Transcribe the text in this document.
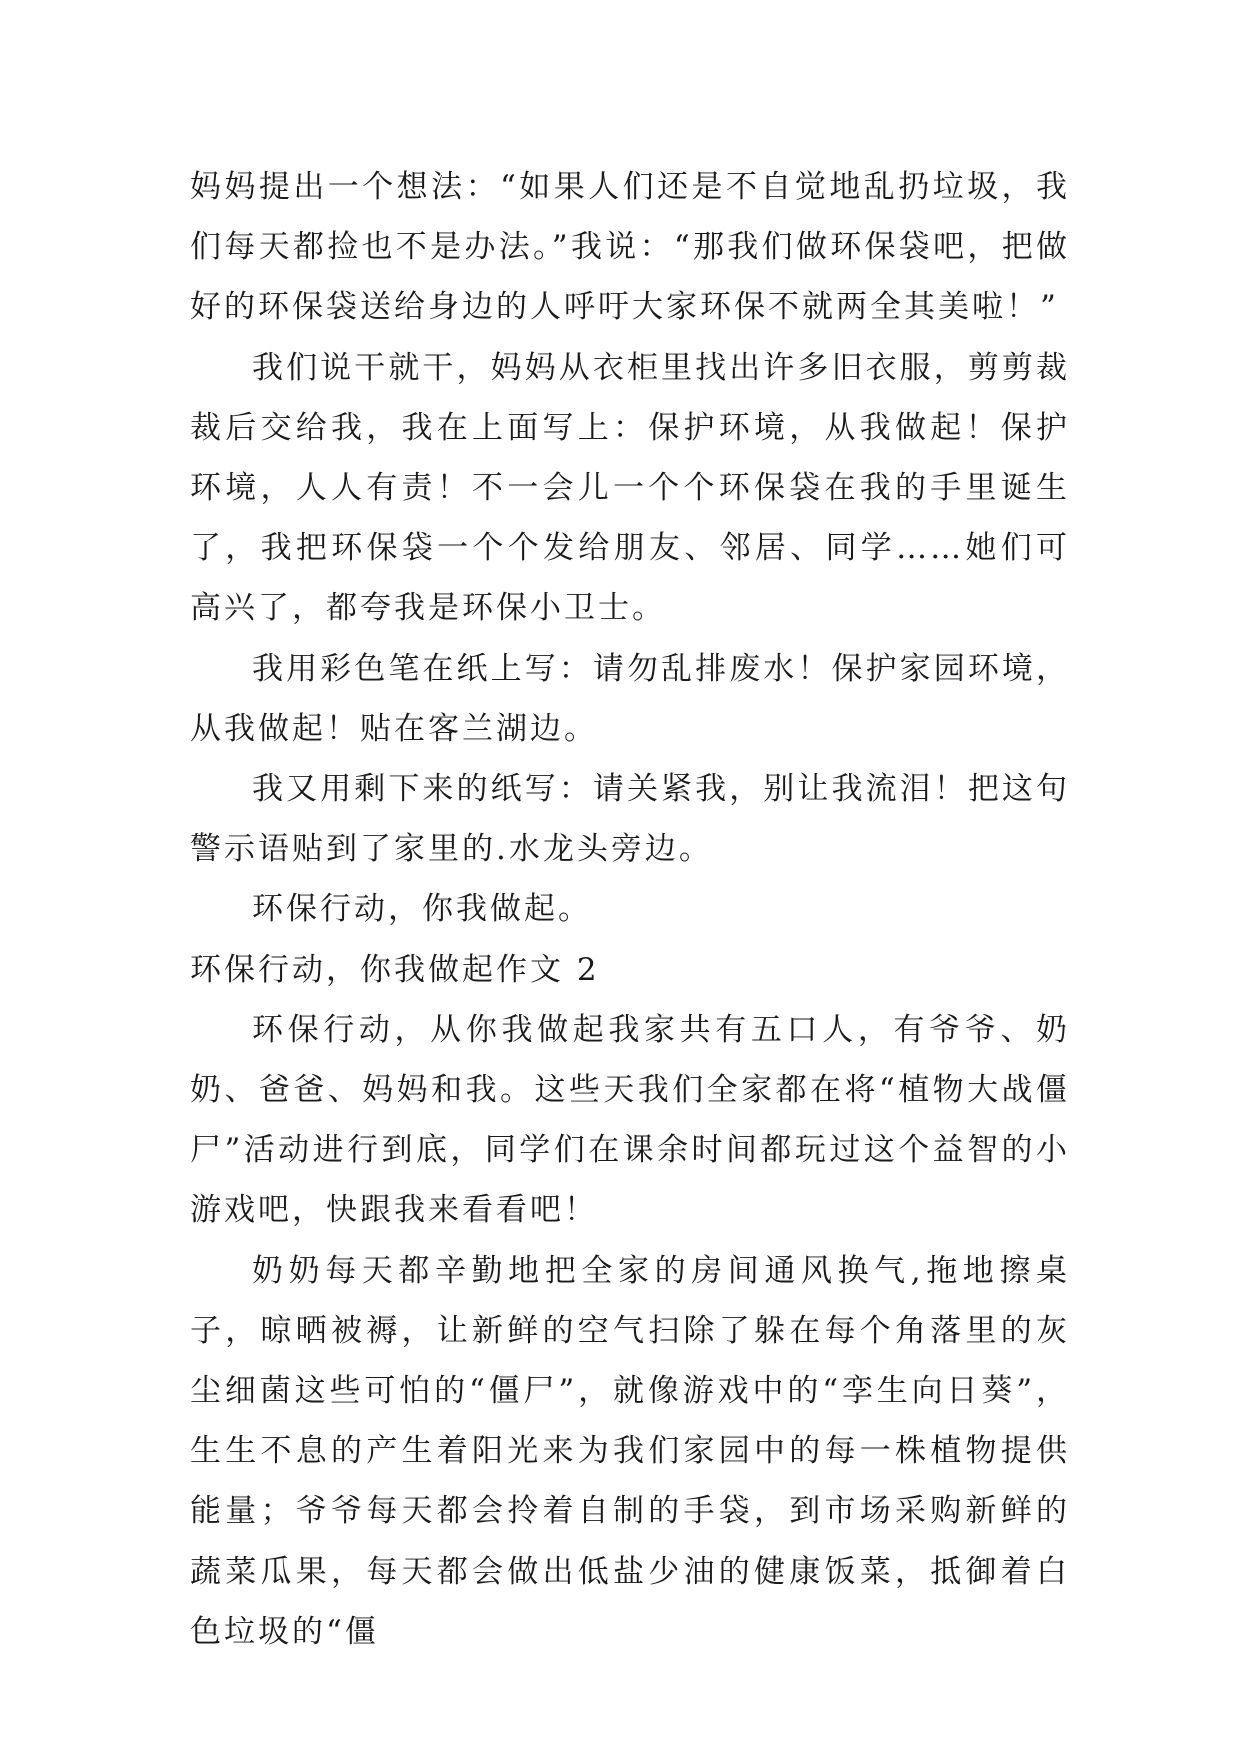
妈妈提出一个想法：“如果人们还是不自觉地乱扔垃圾，我们每天都捡也不是办法。”我说：“那我们做环保袋吧，把做好的环保袋送给身边的人呼吁大家环保不就两全其美啦！”

我们说干就干，妈妈从衣柜里找出许多旧衣服，剪剪裁裁后交给我，我在上面写上：保护环境，从我做起！保护环境，人人有责！不一会儿一个个环保袋在我的手里诞生了，我把环保袋一个个发给朋友、邻居、同学……她们可高兴了，都夸我是环保小卫士。

我用彩色笔在纸上写：请勿乱排废水！保护家园环境，从我做起！贴在客兰湖边。

我又用剩下来的纸写：请关紧我，别让我流泪！把这句警示语贴到了家里的.水龙头旁边。

环保行动，你我做起。

环保行动，你我做起作文 2

环保行动，从你我做起我家共有五口人，有爷爷、奶奶、爸爸、妈妈和我。这些天我们全家都在将“植物大战僵尸”活动进行到底，同学们在课余时间都玩过这个益智的小游戏吧，快跟我来看看吧！

奶奶每天都辛勤地把全家的房间通风换气,拖地擦桌子，晾晒被褥，让新鲜的空气扫除了躲在每个角落里的灰尘细菌这些可怕的“僵尸”，就像游戏中的“孪生向日葵”，生生不息的产生着阳光来为我们家园中的每一株植物提供能量；爷爷每天都会拎着自制的手袋，到市场采购新鲜的蔬菜瓜果，每天都会做出低盐少油的健康饭菜，抵御着白色垃圾的“僵
